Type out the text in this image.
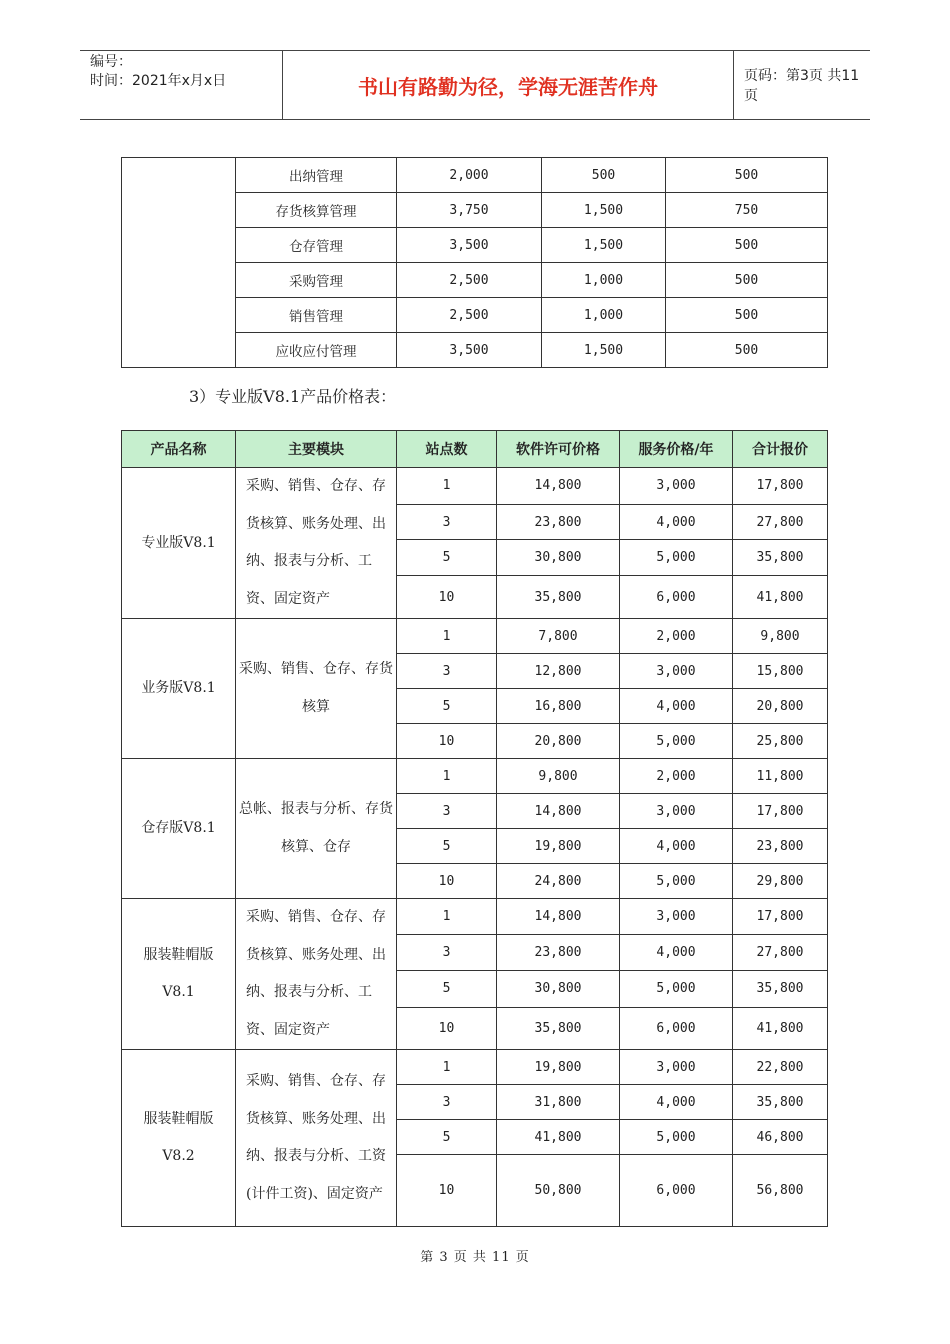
编号：
时间：2021年x月x日	书山有路勤为径，学海无涯苦作舟	页码：第3页 共11页
	出纳管理	2,000	500	500
	存货核算管理	3,750	1,500	750
	仓存管理	3,500	1,500	500
	采购管理	2,500	1,000	500
	销售管理	2,500	1,000	500
	应收应付管理	3,500	1,500	500
3）专业版V8.1产品价格表：
产品名称	主要模块	站点数	软件许可价格	服务价格/年	合计报价
专业版V8.1	采购、销售、仓存、存货核算、账务处理、出纳、报表与分析、工资、固定资产	1	14,800	3,000	17,800
		3	23,800	4,000	27,800
		5	30,800	5,000	35,800
		10	35,800	6,000	41,800
业务版V8.1	采购、销售、仓存、存货核算	1	7,800	2,000	9,800
		3	12,800	3,000	15,800
		5	16,800	4,000	20,800
		10	20,800	5,000	25,800
仓存版V8.1	总帐、报表与分析、存货核算、仓存	1	9,800	2,000	11,800
		3	14,800	3,000	17,800
		5	19,800	4,000	23,800
		10	24,800	5,000	29,800
服装鞋帽版V8.1	采购、销售、仓存、存货核算、账务处理、出纳、报表与分析、工资、固定资产	1	14,800	3,000	17,800
		3	23,800	4,000	27,800
		5	30,800	5,000	35,800
		10	35,800	6,000	41,800
服装鞋帽版V8.2	采购、销售、仓存、存货核算、账务处理、出纳、报表与分析、工资(计件工资)、固定资产	1	19,800	3,000	22,800
		3	31,800	4,000	35,800
		5	41,800	5,000	46,800
		10	50,800	6,000	56,800
第 3 页 共 11 页
